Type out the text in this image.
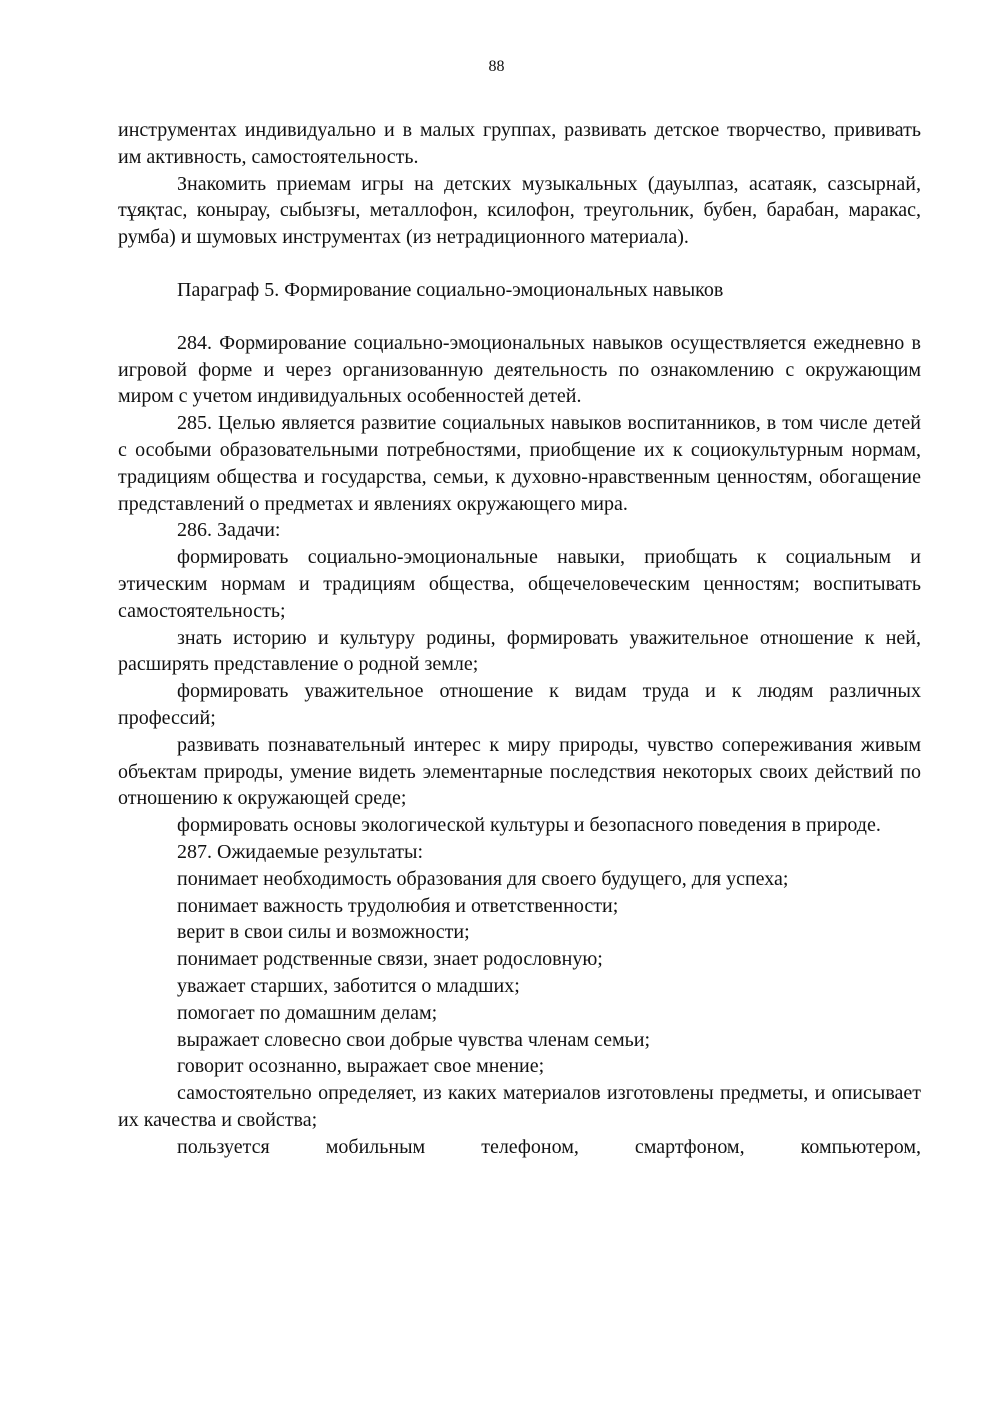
88

инструментах индивидуально и в малых группах, развивать детское творчество, прививать им активность, самостоятельность.

Знакомить приемам игры на детских музыкальных (дауылпаз, асатаяк, сазсырнай, тұяқтас, конырау, сыбызғы, металлофон, ксилофон, треугольник, бубен, барабан, маракас, румба) и шумовых инструментах (из нетрадиционного материала).

Параграф 5. Формирование социально-эмоциональных навыков

284. Формирование социально-эмоциональных навыков осуществляется ежедневно в игровой форме и через организованную деятельность по ознакомлению с окружающим миром с учетом индивидуальных особенностей детей.

285. Целью является развитие социальных навыков воспитанников, в том числе детей с особыми образовательными потребностями, приобщение их к социокультурным нормам, традициям общества и государства, семьи, к духовно-нравственным ценностям, обогащение представлений о предметах и явлениях окружающего мира.

286. Задачи:

формировать социально-эмоциональные навыки, приобщать к социальным и этическим нормам и традициям общества, общечеловеческим ценностям; воспитывать самостоятельность;

знать историю и культуру родины, формировать уважительное отношение к ней, расширять представление о родной земле;

формировать уважительное отношение к видам труда и к людям различных профессий;

развивать познавательный интерес к миру природы, чувство сопереживания живым объектам природы, умение видеть элементарные последствия некоторых своих действий по отношению к окружающей среде;

формировать основы экологической культуры и безопасного поведения в природе.

287. Ожидаемые результаты:

понимает необходимость образования для своего будущего, для успеха;

понимает важность трудолюбия и ответственности;

верит в свои силы и возможности;

понимает родственные связи, знает родословную;

уважает старших, заботится о младших;

помогает по домашним делам;

выражает словесно свои добрые чувства членам семьи;

говорит осознанно, выражает свое мнение;

самостоятельно определяет, из каких материалов изготовлены предметы, и описывает их качества и свойства;

пользуется мобильным телефоном, смартфоном, компьютером,
